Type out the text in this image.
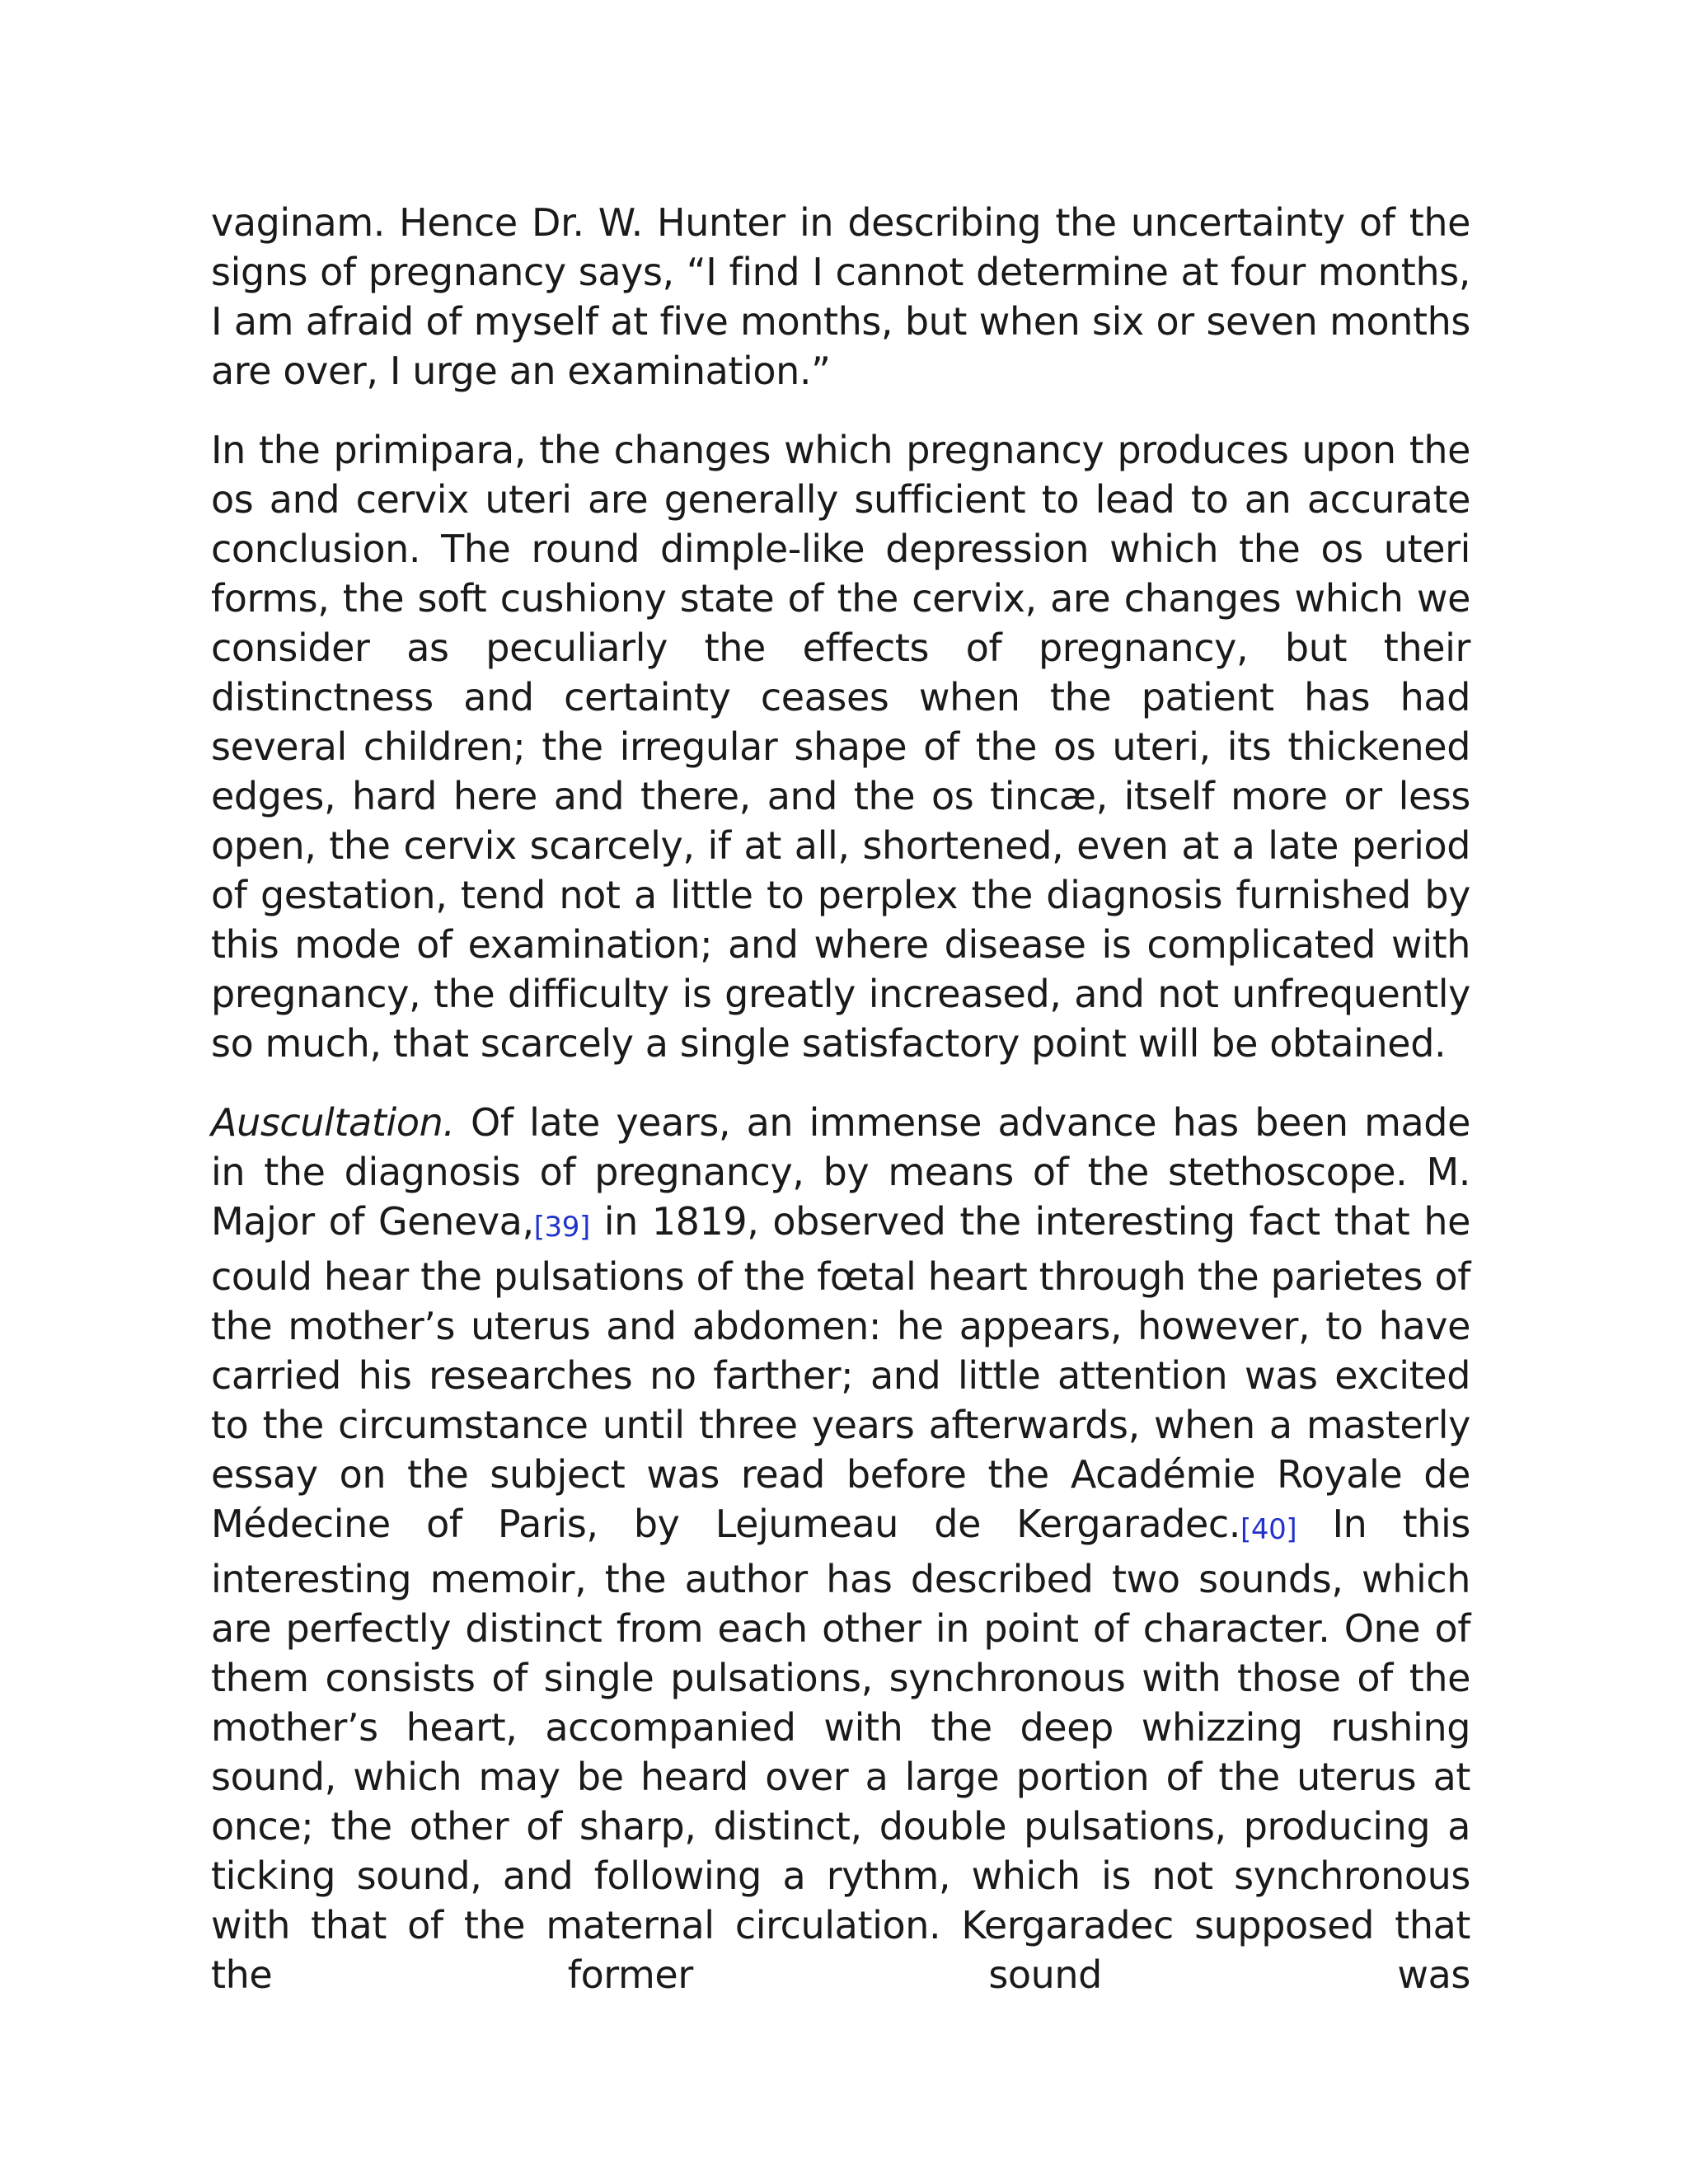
vaginam. Hence Dr. W. Hunter in describing the uncertainty of the signs of pregnancy says, “I find I cannot determine at four months, I am afraid of myself at five months, but when six or seven months are over, I urge an examination.”

In the primipara, the changes which pregnancy produces upon the os and cervix uteri are generally sufficient to lead to an accurate conclusion. The round dimple-like depression which the os uteri forms, the soft cushiony state of the cervix, are changes which we consider as peculiarly the effects of pregnancy, but their distinctness and certainty ceases when the patient has had several children; the irregular shape of the os uteri, its thickened edges, hard here and there, and the os tincæ, itself more or less open, the cervix scarcely, if at all, shortened, even at a late period of gestation, tend not a little to perplex the diagnosis furnished by this mode of examination; and where disease is complicated with pregnancy, the difficulty is greatly increased, and not unfrequently so much, that scarcely a single satisfactory point will be obtained.

Auscultation. Of late years, an immense advance has been made in the diagnosis of pregnancy, by means of the stethoscope. M. Major of Geneva,[39] in 1819, observed the interesting fact that he could hear the pulsations of the fœtal heart through the parietes of the mother’s uterus and abdomen: he appears, however, to have carried his researches no farther; and little attention was excited to the circumstance until three years afterwards, when a masterly essay on the subject was read before the Académie Royale de Médecine of Paris, by Lejumeau de Kergaradec.[40] In this interesting memoir, the author has described two sounds, which are perfectly distinct from each other in point of character. One of them consists of single pulsations, synchronous with those of the mother’s heart, accompanied with the deep whizzing rushing sound, which may be heard over a large portion of the uterus at once; the other of sharp, distinct, double pulsations, producing a ticking sound, and following a rythm, which is not synchronous with that of the maternal circulation. Kergaradec supposed that the former sound was
